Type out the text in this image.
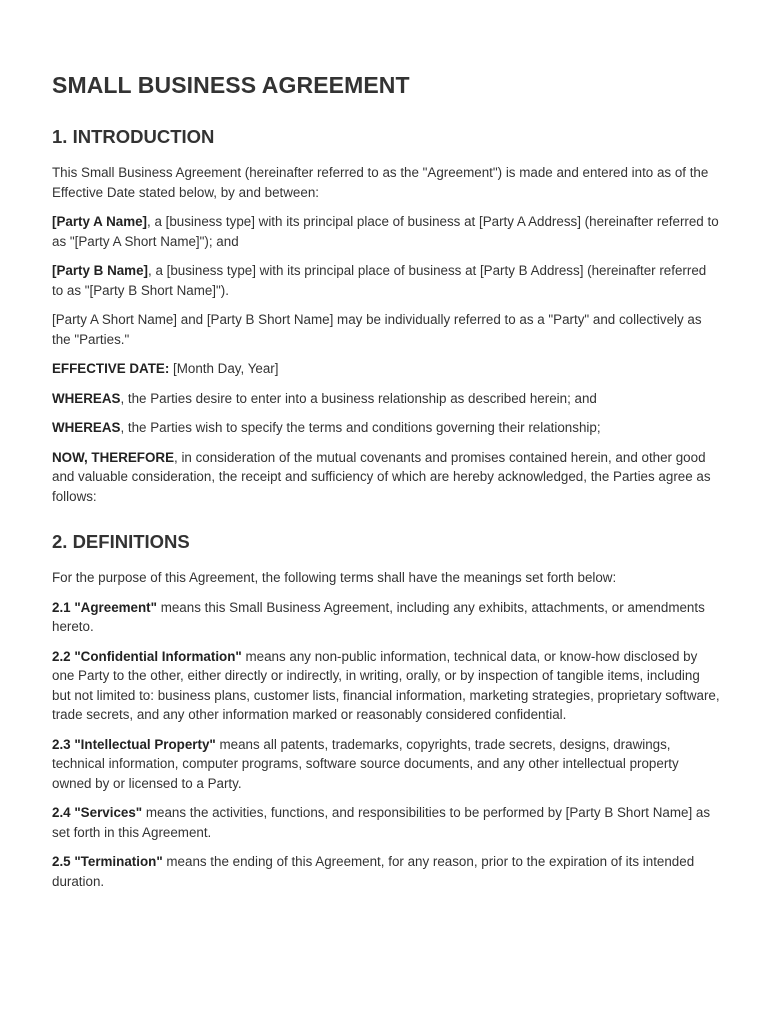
SMALL BUSINESS AGREEMENT
1. INTRODUCTION

This Small Business Agreement (hereinafter referred to as the "Agreement") is made and entered into as of the Effective Date stated below, by and between:

[Party A Name], a [business type] with its principal place of business at [Party A Address] (hereinafter referred to as "[Party A Short Name]"); and

[Party B Name], a [business type] with its principal place of business at [Party B Address] (hereinafter referred to as "[Party B Short Name]").

[Party A Short Name] and [Party B Short Name] may be individually referred to as a "Party" and collectively as the "Parties."

EFFECTIVE DATE: [Month Day, Year]

WHEREAS, the Parties desire to enter into a business relationship as described herein; and

WHEREAS, the Parties wish to specify the terms and conditions governing their relationship;

NOW, THEREFORE, in consideration of the mutual covenants and promises contained herein, and other good and valuable consideration, the receipt and sufficiency of which are hereby acknowledged, the Parties agree as follows:

2. DEFINITIONS

For the purpose of this Agreement, the following terms shall have the meanings set forth below:

2.1 "Agreement" means this Small Business Agreement, including any exhibits, attachments, or amendments hereto.

2.2 "Confidential Information" means any non-public information, technical data, or know-how disclosed by one Party to the other, either directly or indirectly, in writing, orally, or by inspection of tangible items, including but not limited to: business plans, customer lists, financial information, marketing strategies, proprietary software, trade secrets, and any other information marked or reasonably considered confidential.

2.3 "Intellectual Property" means all patents, trademarks, copyrights, trade secrets, designs, drawings, technical information, computer programs, software source documents, and any other intellectual property owned by or licensed to a Party.

2.4 "Services" means the activities, functions, and responsibilities to be performed by [Party B Short Name] as set forth in this Agreement.

2.5 "Termination" means the ending of this Agreement, for any reason, prior to the expiration of its intended duration.
